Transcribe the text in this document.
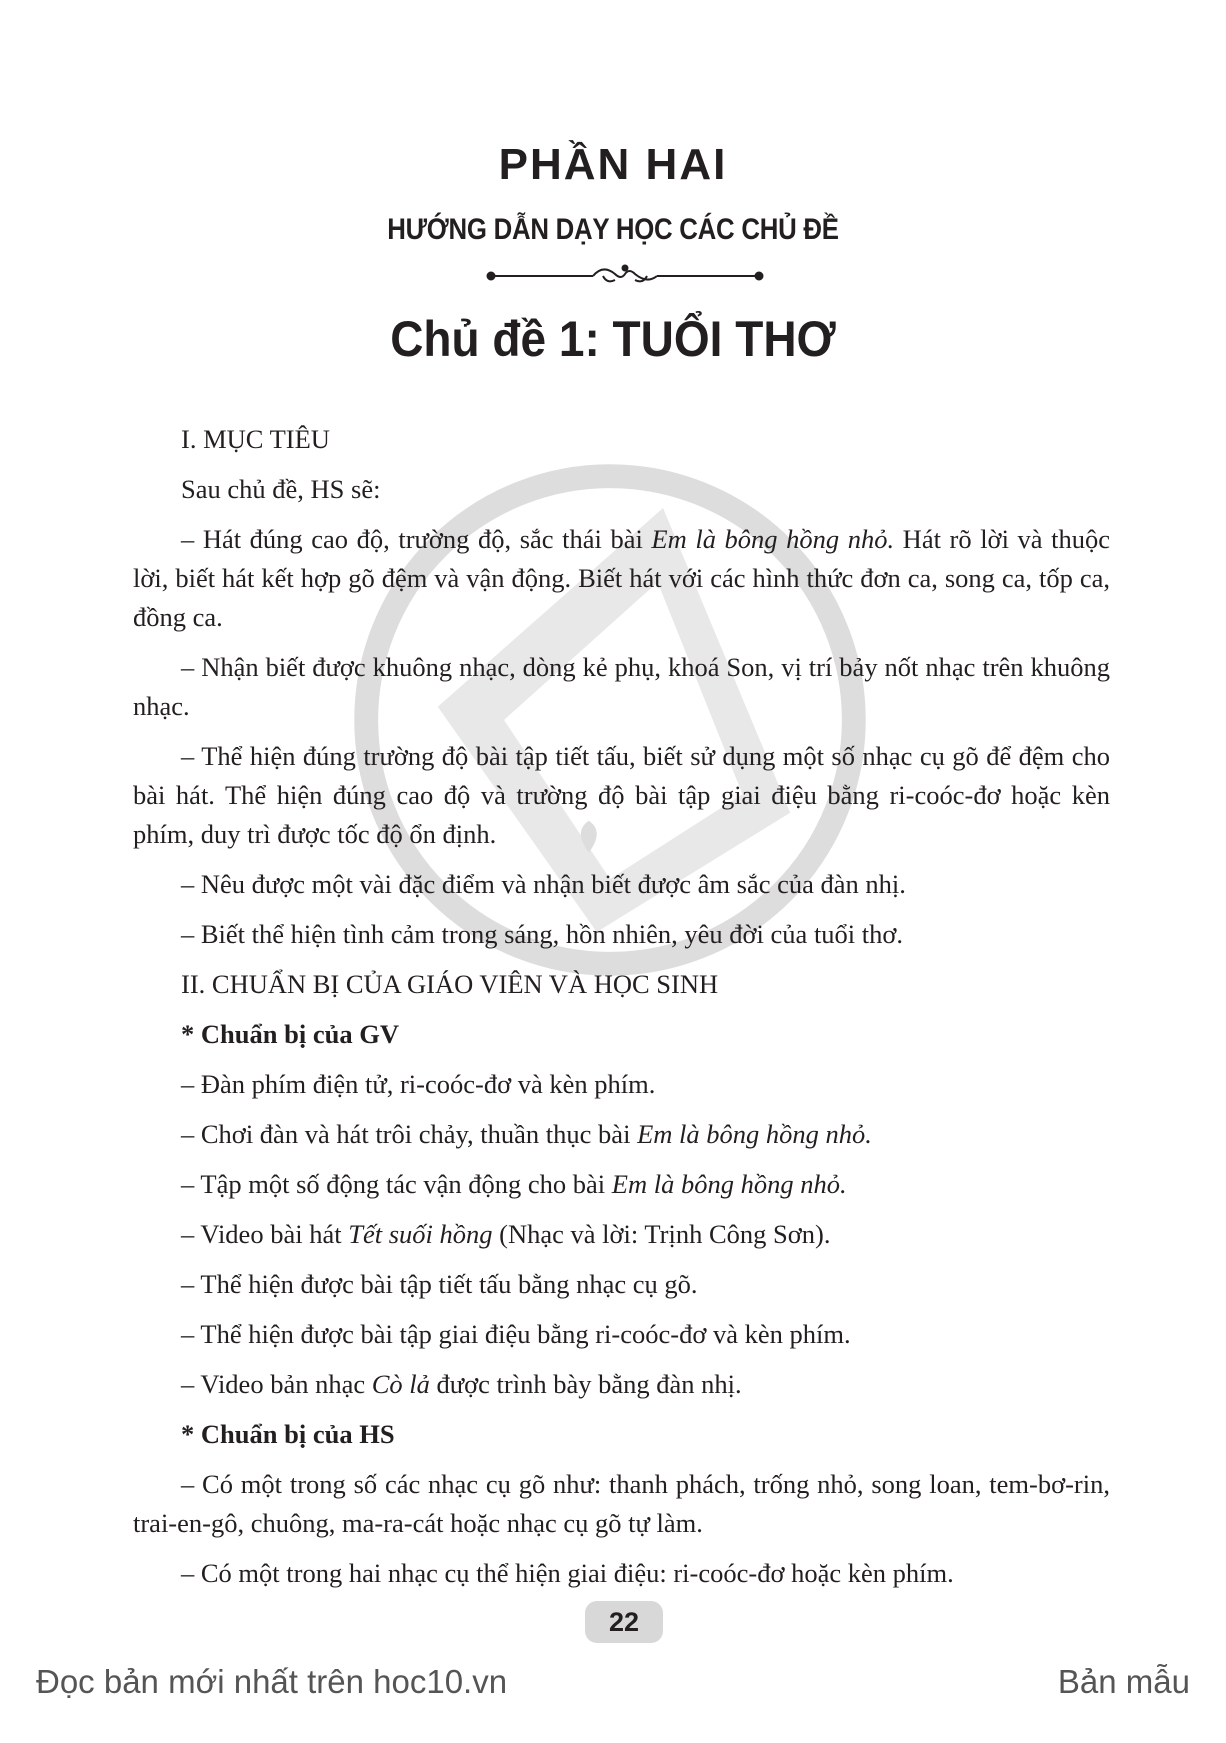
PHẦN HAI
HƯỚNG DẪN DẠY HỌC CÁC CHỦ ĐỀ
Chủ đề 1: TUỔI THƠ

I. MỤC TIÊU

Sau chủ đề, HS sẽ:

– Hát đúng cao độ, trường độ, sắc thái bài Em là bông hồng nhỏ. Hát rõ lời và thuộc lời, biết hát kết hợp gõ đệm và vận động. Biết hát với các hình thức đơn ca, song ca, tốp ca, đồng ca.

– Nhận biết được khuông nhạc, dòng kẻ phụ, khoá Son, vị trí bảy nốt nhạc trên khuông nhạc.

– Thể hiện đúng trường độ bài tập tiết tấu, biết sử dụng một số nhạc cụ gõ để đệm cho bài hát. Thể hiện đúng cao độ và trường độ bài tập giai điệu bằng ri-coóc-đơ hoặc kèn phím, duy trì được tốc độ ổn định.

– Nêu được một vài đặc điểm và nhận biết được âm sắc của đàn nhị.

– Biết thể hiện tình cảm trong sáng, hồn nhiên, yêu đời của tuổi thơ.

II. CHUẨN BỊ CỦA GIÁO VIÊN VÀ HỌC SINH

* Chuẩn bị của GV

– Đàn phím điện tử, ri-coóc-đơ và kèn phím.

– Chơi đàn và hát trôi chảy, thuần thục bài Em là bông hồng nhỏ.

– Tập một số động tác vận động cho bài Em là bông hồng nhỏ.

– Video bài hát Tết suối hồng (Nhạc và lời: Trịnh Công Sơn).

– Thể hiện được bài tập tiết tấu bằng nhạc cụ gõ.

– Thể hiện được bài tập giai điệu bằng ri-coóc-đơ và kèn phím.

– Video bản nhạc Cò lả được trình bày bằng đàn nhị.

* Chuẩn bị của HS

– Có một trong số các nhạc cụ gõ như: thanh phách, trống nhỏ, song loan, tem-bơ-rin, trai-en-gô, chuông, ma-ra-cát hoặc nhạc cụ gõ tự làm.

– Có một trong hai nhạc cụ thể hiện giai điệu: ri-coóc-đơ hoặc kèn phím.

22
Đọc bản mới nhất trên hoc10.vn	Bản mẫu
